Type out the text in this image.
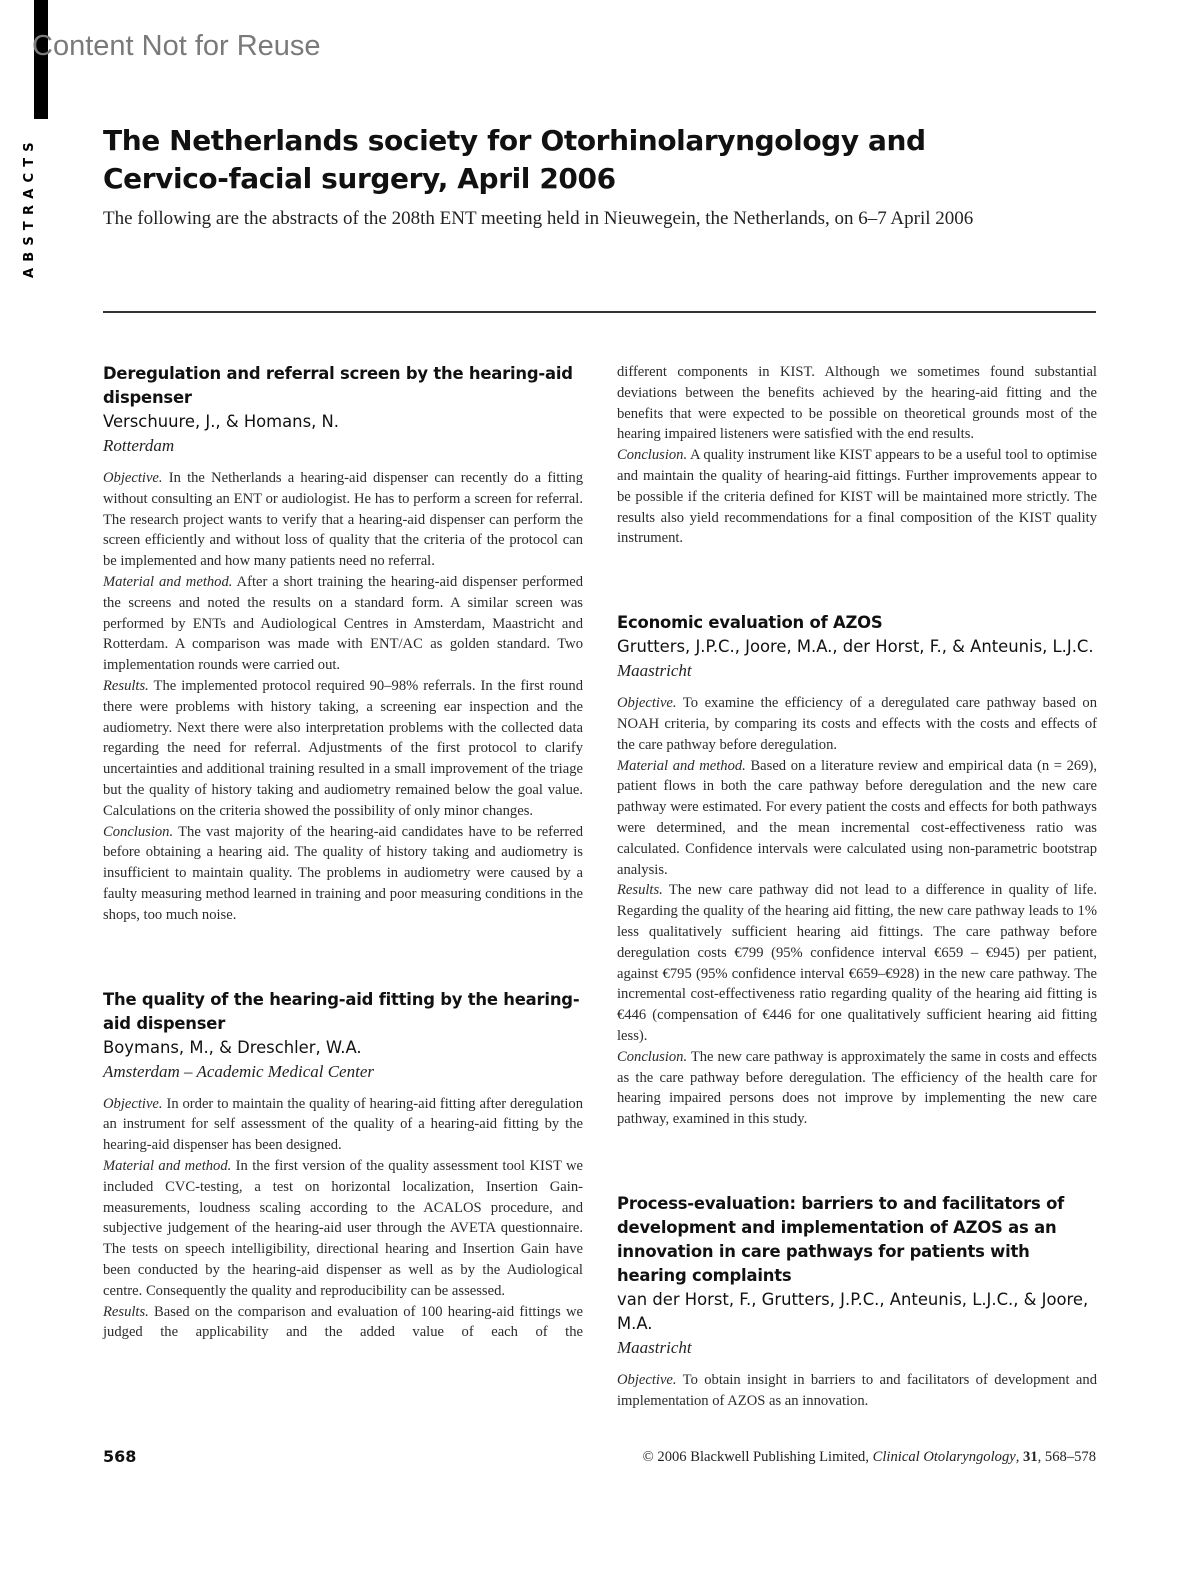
ABSTRACTS
Content Not for Reuse
The Netherlands society for Otorhinolaryngology and
Cervico-facial surgery, April 2006

The following are the abstracts of the 208th ENT meeting held in Nieuwegein, the Netherlands, on 6–7 April 2006

Deregulation and referral screen by the hearing-aid dispenser

Verschuure, J., & Homans, N.

Rotterdam

Objective. In the Netherlands a hearing-aid dispenser can recently do a fitting without consulting an ENT or audiologist. He has to perform a screen for referral. The research project wants to verify that a hearing-aid dispenser can perform the screen efficiently and without loss of quality that the criteria of the protocol can be implemented and how many patients need no referral.

Material and method. After a short training the hearing-aid dispenser performed the screens and noted the results on a standard form. A similar screen was performed by ENTs and Audiological Centres in Amsterdam, Maastricht and Rotterdam. A comparison was made with ENT/AC as golden standard. Two implementation rounds were carried out.

Results. The implemented protocol required 90–98% referrals. In the first round there were problems with history taking, a screening ear inspection and the audiometry. Next there were also interpretation problems with the collected data regarding the need for referral. Adjustments of the first protocol to clarify uncertainties and additional training resulted in a small improvement of the triage but the quality of history taking and audiometry remained below the goal value. Calculations on the criteria showed the possibility of only minor changes.

Conclusion. The vast majority of the hearing-aid candidates have to be referred before obtaining a hearing aid. The quality of history taking and audiometry is insufficient to maintain quality. The problems in audiometry were caused by a faulty measuring method learned in training and poor measuring conditions in the shops, too much noise.

The quality of the hearing-aid fitting by the hearing-aid dispenser

Boymans, M., & Dreschler, W.A.

Amsterdam – Academic Medical Center

Objective. In order to maintain the quality of hearing-aid fitting after deregulation an instrument for self assessment of the quality of a hearing-aid fitting by the hearing-aid dispenser has been designed.

Material and method. In the first version of the quality assessment tool KIST we included CVC-testing, a test on horizontal localization, Insertion Gain-measurements, loudness scaling according to the ACALOS procedure, and subjective judgement of the hearing-aid user through the AVETA questionnaire. The tests on speech intelligibility, directional hearing and Insertion Gain have been conducted by the hearing-aid dispenser as well as by the Audiological centre. Consequently the quality and reproducibility can be assessed.

Results. Based on the comparison and evaluation of 100 hearing-aid fittings we judged the applicability and the added value of each of the

different components in KIST. Although we sometimes found substantial deviations between the benefits achieved by the hearing-aid fitting and the benefits that were expected to be possible on theoretical grounds most of the hearing impaired listeners were satisfied with the end results.

Conclusion. A quality instrument like KIST appears to be a useful tool to optimise and maintain the quality of hearing-aid fittings. Further improvements appear to be possible if the criteria defined for KIST will be maintained more strictly. The results also yield recommendations for a final composition of the KIST quality instrument.

Economic evaluation of AZOS

Grutters, J.P.C., Joore, M.A., der Horst, F., & Anteunis, L.J.C.

Maastricht

Objective. To examine the efficiency of a deregulated care pathway based on NOAH criteria, by comparing its costs and effects with the costs and effects of the care pathway before deregulation.

Material and method. Based on a literature review and empirical data (n = 269), patient flows in both the care pathway before deregulation and the new care pathway were estimated. For every patient the costs and effects for both pathways were determined, and the mean incremental cost-effectiveness ratio was calculated. Confidence intervals were calculated using non-parametric bootstrap analysis.

Results. The new care pathway did not lead to a difference in quality of life. Regarding the quality of the hearing aid fitting, the new care pathway leads to 1% less qualitatively sufficient hearing aid fittings. The care pathway before deregulation costs €799 (95% confidence interval €659 – €945) per patient, against €795 (95% confidence interval €659–€928) in the new care pathway. The incremental cost-effectiveness ratio regarding quality of the hearing aid fitting is €446 (compensation of €446 for one qualitatively sufficient hearing aid fitting less).

Conclusion. The new care pathway is approximately the same in costs and effects as the care pathway before deregulation. The efficiency of the health care for hearing impaired persons does not improve by implementing the new care pathway, examined in this study.

Process-evaluation: barriers to and facilitators of development and implementation of AZOS as an innovation in care pathways for patients with hearing complaints

van der Horst, F., Grutters, J.P.C., Anteunis, L.J.C., & Joore, M.A.

Maastricht

Objective. To obtain insight in barriers to and facilitators of development and implementation of AZOS as an innovation.

568	© 2006 Blackwell Publishing Limited, Clinical Otolaryngology, 31, 568–578
